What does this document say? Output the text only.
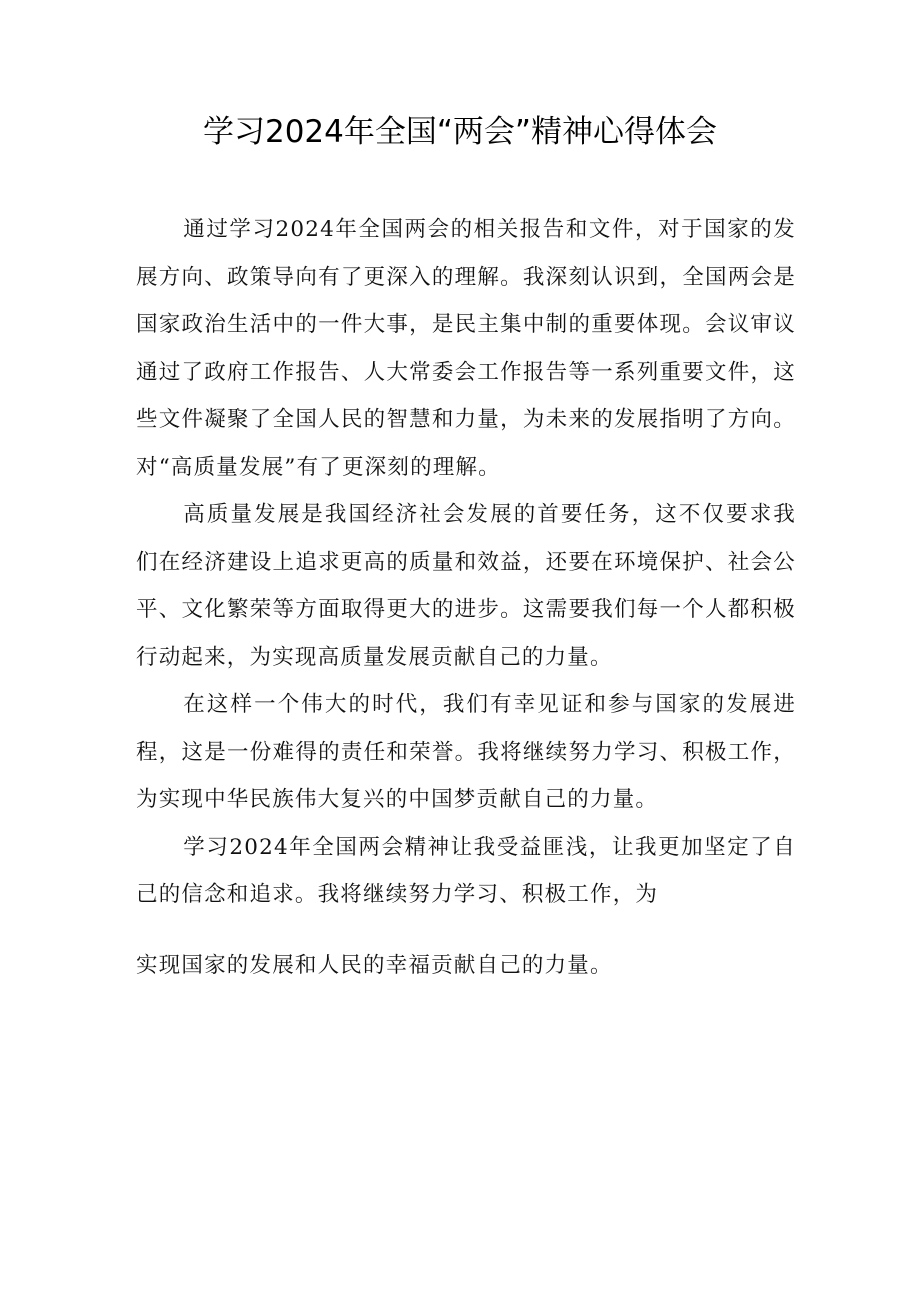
学习2024年全国“两会”精神心得体会

通过学习2024年全国两会的相关报告和文件，对于国家的发展方向、政策导向有了更深入的理解。我深刻认识到，全国两会是国家政治生活中的一件大事，是民主集中制的重要体现。会议审议通过了政府工作报告、人大常委会工作报告等一系列重要文件，这些文件凝聚了全国人民的智慧和力量，为未来的发展指明了方向。对“高质量发展”有了更深刻的理解。

高质量发展是我国经济社会发展的首要任务，这不仅要求我们在经济建设上追求更高的质量和效益，还要在环境保护、社会公平、文化繁荣等方面取得更大的进步。这需要我们每一个人都积极行动起来，为实现高质量发展贡献自己的力量。

在这样一个伟大的时代，我们有幸见证和参与国家的发展进程，这是一份难得的责任和荣誉。我将继续努力学习、积极工作，为实现中华民族伟大复兴的中国梦贡献自己的力量。

学习2024年全国两会精神让我受益匪浅，让我更加坚定了自己的信念和追求。我将继续努力学习、积极工作，为

实现国家的发展和人民的幸福贡献自己的力量。
